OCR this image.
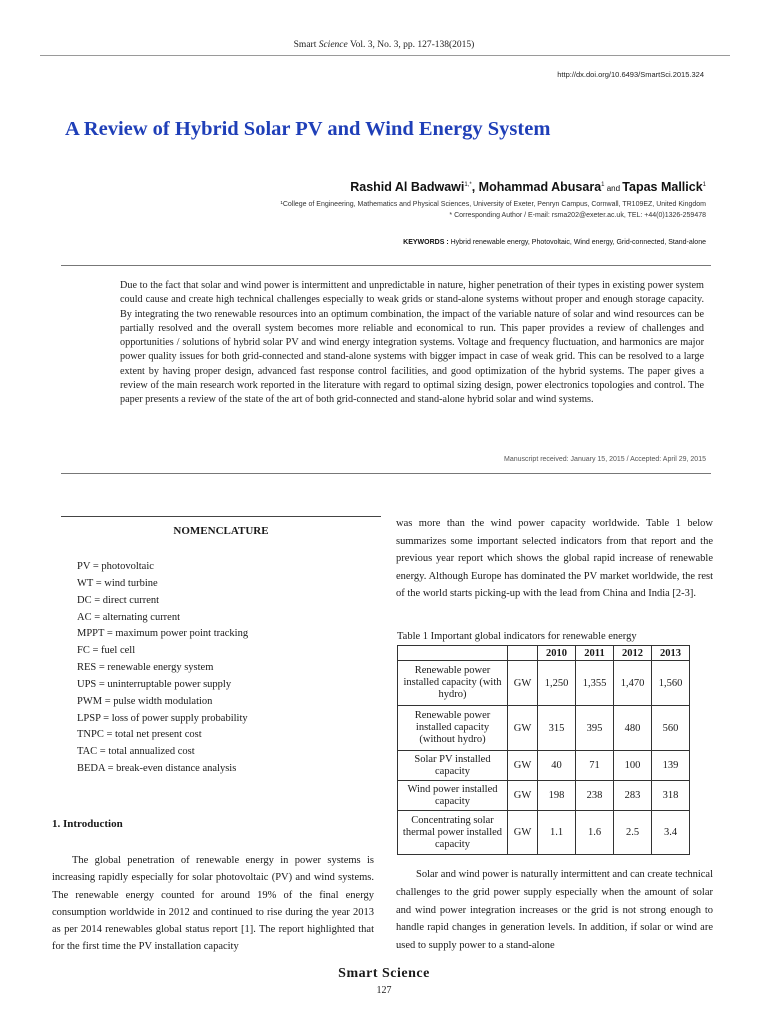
Smart Science Vol. 3, No. 3, pp. 127-138(2015)
http://dx.doi.org/10.6493/SmartSci.2015.324
A Review of Hybrid Solar PV and Wind Energy System
Rashid Al Badwawi$^{1,*}$, Mohammad Abusara$^1$ and Tapas Mallick$^1$
¹College of Engineering, Mathematics and Physical Sciences, University of Exeter, Penryn Campus, Cornwall, TR109EZ, United Kingdom
* Corresponding Author / E-mail: rsma202@exeter.ac.uk, TEL: +44(0)1326-259478
KEYWORDS : Hybrid renewable energy, Photovoltaic, Wind energy, Grid-connected, Stand-alone

Due to the fact that solar and wind power is intermittent and unpredictable in nature, higher penetration of their types in existing power system could cause and create high technical challenges especially to weak grids or stand-alone systems without proper and enough storage capacity. By integrating the two renewable resources into an optimum combination, the impact of the variable nature of solar and wind resources can be partially resolved and the overall system becomes more reliable and economical to run. This paper provides a review of challenges and opportunities / solutions of hybrid solar PV and wind energy integration systems. Voltage and frequency fluctuation, and harmonics are major power quality issues for both grid-connected and stand-alone systems with bigger impact in case of weak grid. This can be resolved to a large extent by having proper design, advanced fast response control facilities, and good optimization of the hybrid systems. The paper gives a review of the main research work reported in the literature with regard to optimal sizing design, power electronics topologies and control. The paper presents a review of the state of the art of both grid-connected and stand-alone hybrid solar and wind systems.

Manuscript received: January 15, 2015 / Accepted: April 29, 2015
NOMENCLATURE
PV = photovoltaic
WT = wind turbine
DC = direct current
AC = alternating current
MPPT = maximum power point tracking
FC = fuel cell
RES = renewable energy system
UPS = uninterruptable power supply
PWM = pulse width modulation
LPSP = loss of power supply probability
TNPC = total net present cost
TAC = total annualized cost
BEDA = break-even distance analysis
1. Introduction

The global penetration of renewable energy in power systems is increasing rapidly especially for solar photovoltaic (PV) and wind systems. The renewable energy counted for around 19% of the final energy consumption worldwide in 2012 and continued to rise during the year 2013 as per 2014 renewables global status report [1]. The report highlighted that for the first time the PV installation capacity

was more than the wind power capacity worldwide. Table 1 below summarizes some important selected indicators from that report and the previous year report which shows the global rapid increase of renewable energy. Although Europe has dominated the PV market worldwide, the rest of the world starts picking-up with the lead from China and India [2-3].

Table 1 Important global indicators for renewable energy
		2010	2011	2012	2013
Renewable power installed capacity (with hydro)	GW	1,250	1,355	1,470	1,560
Renewable power installed capacity (without hydro)	GW	315	395	480	560
Solar PV installed capacity	GW	40	71	100	139
Wind power installed capacity	GW	198	238	283	318
Concentrating solar thermal power installed capacity	GW	1.1	1.6	2.5	3.4

Solar and wind power is naturally intermittent and can create technical challenges to the grid power supply especially when the amount of solar and wind power integration increases or the grid is not strong enough to handle rapid changes in generation levels. In addition, if solar or wind are used to supply power to a stand-alone

Smart Science
127
